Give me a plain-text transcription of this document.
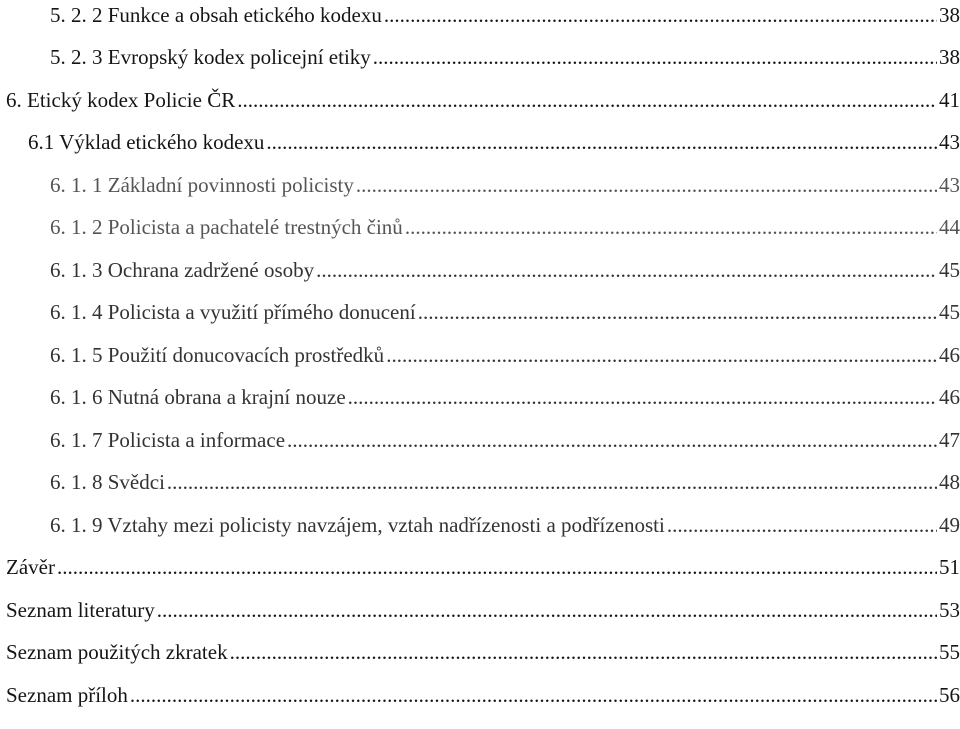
5. 2. 2 Funkce a obsah etického kodexu .....	38
5. 2. 3 Evropský kodex policejní etiky .....	38
6. Etický kodex Policie ČR .....	41
6.1 Výklad etického kodexu .....	43
6. 1. 1 Základní povinnosti policisty .....	43
6. 1. 2 Policista a pachatelé trestných činů .....	44
6. 1. 3 Ochrana zadržené osoby .....	45
6. 1. 4 Policista a využití přímého donucení .....	45
6. 1. 5 Použití donucovacích prostředků .....	46
6. 1. 6 Nutná obrana a krajní nouze .....	46
6. 1. 7 Policista a informace .....	47
6. 1. 8 Svědci .....	48
6. 1. 9 Vztahy mezi policisty navzájem, vztah nadřízenosti a podřízenosti .....	49
Závěr .....	51
Seznam literatury .....	53
Seznam použitých zkratek .....	55
Seznam příloh .....	56
